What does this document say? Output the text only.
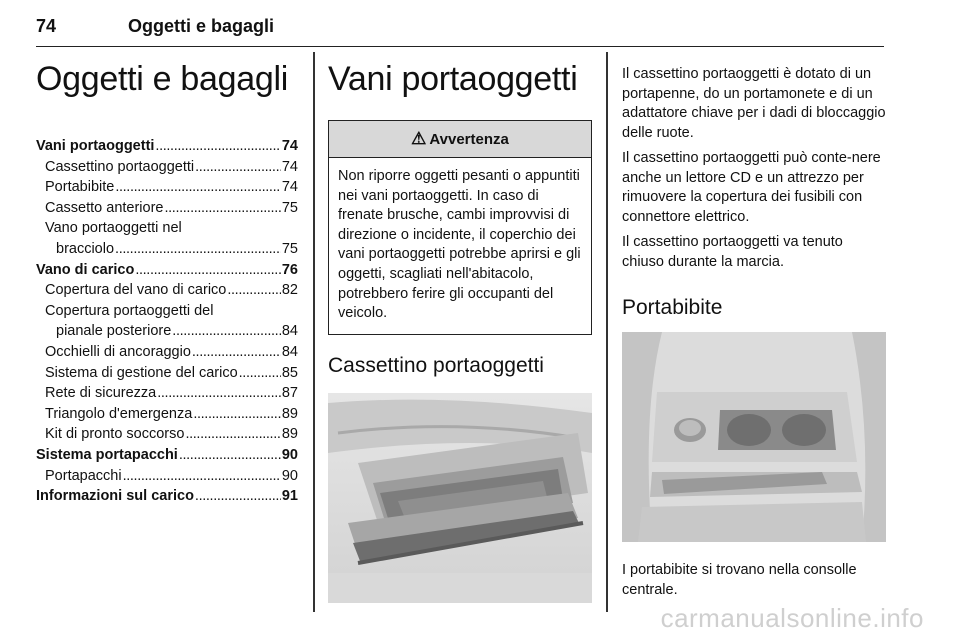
74	Oggetti e bagagli
Oggetti e bagagli
Vani portaoggetti . . .	74
Cassettino portaoggetti . . .	74
Portabibite . . .	74
Cassetto anteriore . . .	75
Vano portaoggetti nel
bracciolo . . .	75
Vano di carico . . .	76
Copertura del vano di carico . . .	82
Copertura portaoggetti del
pianale posteriore . . .	84
Occhielli di ancoraggio . . .	84
Sistema di gestione del carico . . .	85
Rete di sicurezza . . .	87
Triangolo d'emergenza . . .	89
Kit di pronto soccorso . . .	89
Sistema portapacchi . . .	90
Portapacchi . . .	90
Informazioni sul carico . . .	91
Vani portaoggetti
⚠ Avvertenza
Non riporre oggetti pesanti o appuntiti nei vani portaoggetti. In caso di frenate brusche, cambi improvvisi di direzione o incidente, il coperchio dei vani portaoggetti potrebbe aprirsi e gli oggetti, scagliati nell'abitacolo, potrebbero ferire gli occupanti del veicolo.
Cassettino portaoggetti

Il cassettino portaoggetti è dotato di un portapenne, do un portamonete e di un adattatore chiave per i dadi di bloccaggio delle ruote.

Il cassettino portaoggetti può conte-nere anche un lettore CD e un attrezzo per rimuovere la copertura dei fusibili con connettore elettrico.

Il cassettino portaoggetti va tenuto chiuso durante la marcia.

Portabibite

I portabibite si trovano nella consolle centrale.

carmanualsonline.info
